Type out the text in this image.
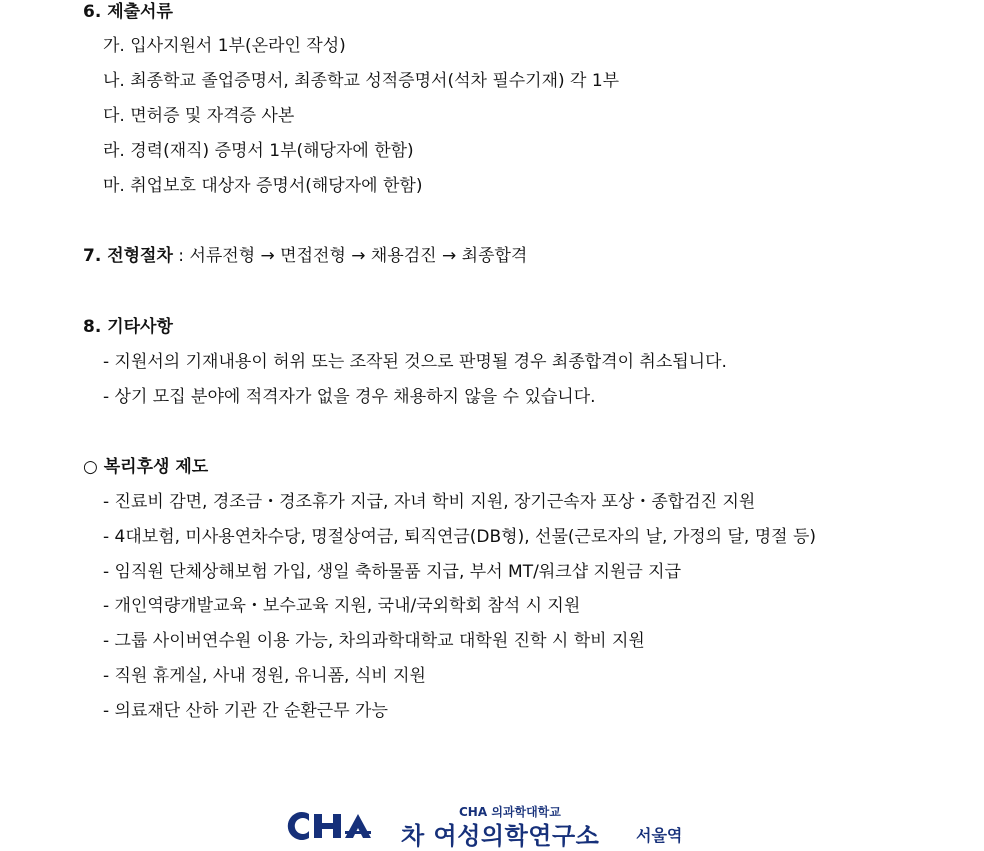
6. 제출서류
가. 입사지원서 1부(온라인 작성)
나. 최종학교 졸업증명서, 최종학교 성적증명서(석차 필수기재) 각 1부
다. 면허증 및 자격증 사본
라. 경력(재직) 증명서 1부(해당자에 한함)
마. 취업보호 대상자 증명서(해당자에 한함)
7. 전형절차 : 서류전형 → 면접전형 → 채용검진 → 최종합격
8. 기타사항
- 지원서의 기재내용이 허위 또는 조작된 것으로 판명될 경우 최종합격이 취소됩니다.
- 상기 모집 분야에 적격자가 없을 경우 채용하지 않을 수 있습니다.
○ 복리후생 제도
- 진료비 감면, 경조금・경조휴가 지급, 자녀 학비 지원, 장기근속자 포상・종합검진 지원
- 4대보험, 미사용연차수당, 명절상여금, 퇴직연금(DB형), 선물(근로자의 날, 가정의 달, 명절 등)
- 임직원 단체상해보험 가입, 생일 축하물품 지급, 부서 MT/워크샵 지원금 지급
- 개인역량개발교육・보수교육 지원, 국내/국외학회 참석 시 지원
- 그룹 사이버연수원 이용 가능, 차의과학대학교 대학원 진학 시 학비 지원
- 직원 휴게실, 사내 정원, 유니폼, 식비 지원
- 의료재단 산하 기관 간 순환근무 가능
CHA 의과학대학교
차 여성의학연구소 서울역
